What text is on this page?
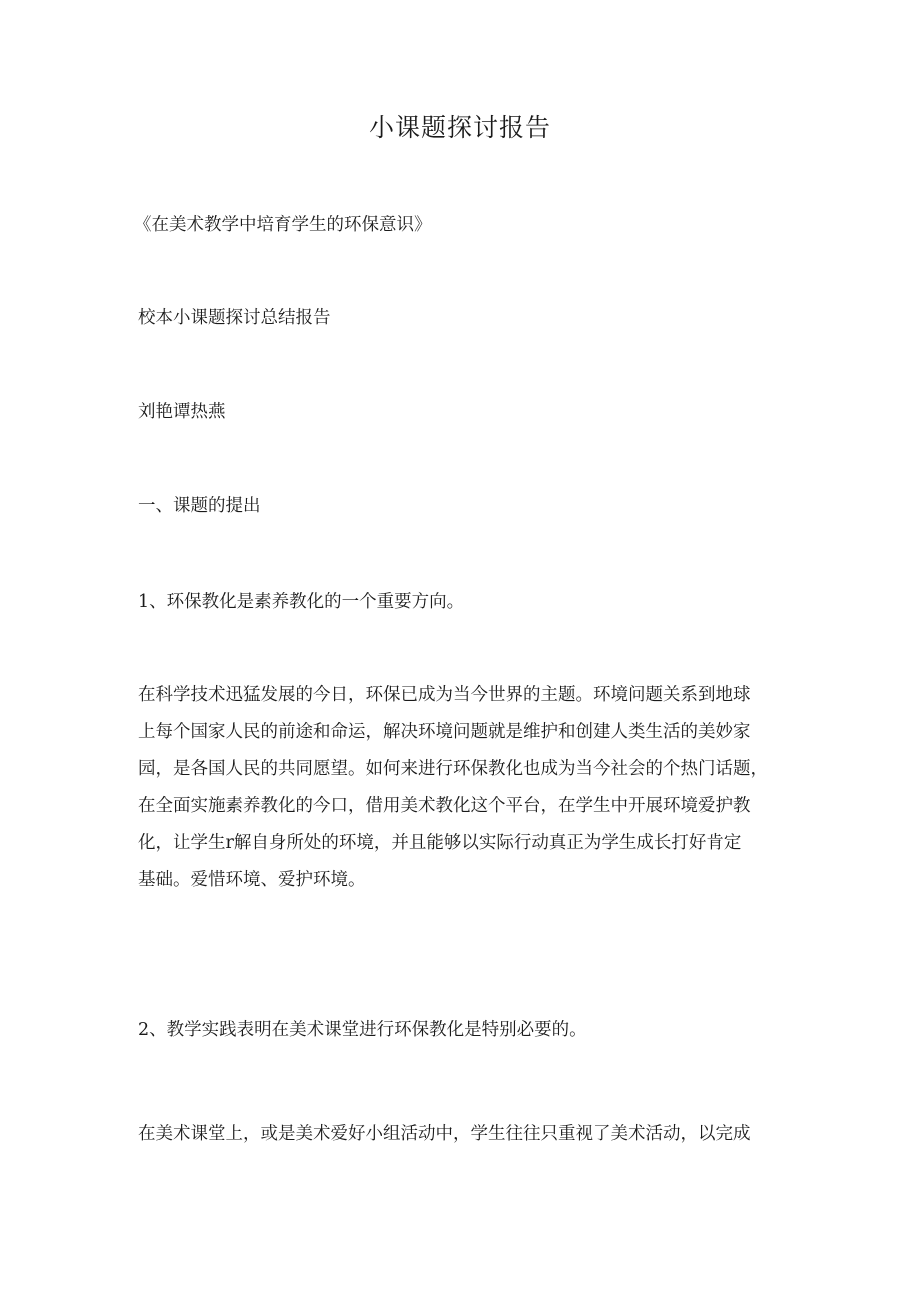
小课题探讨报告
《在美术教学中培育学生的环保意识》
校本小课题探讨总结报告
刘艳谭热燕
一、课题的提出
1、环保教化是素养教化的一个重要方向。
在科学技术迅猛发展的今日，环保已成为当今世界的主题。环境问题关系到地球
上每个国家人民的前途和命运，解决环境问题就是维护和创建人类生活的美妙家
园，是各国人民的共同愿望。如何来进行环保教化也成为当今社会的个热门话题，
在全面实施素养教化的今口，借用美术教化这个平台，在学生中开展环境爱护教
化，让学生r解自身所处的环境，并且能够以实际行动真正为学生成长打好肯定
基础。爱惜环境、爱护环境。
2、教学实践表明在美术课堂进行环保教化是特别必要的。
在美术课堂上，或是美术爱好小组活动中，学生往往只重视了美术活动，以完成
